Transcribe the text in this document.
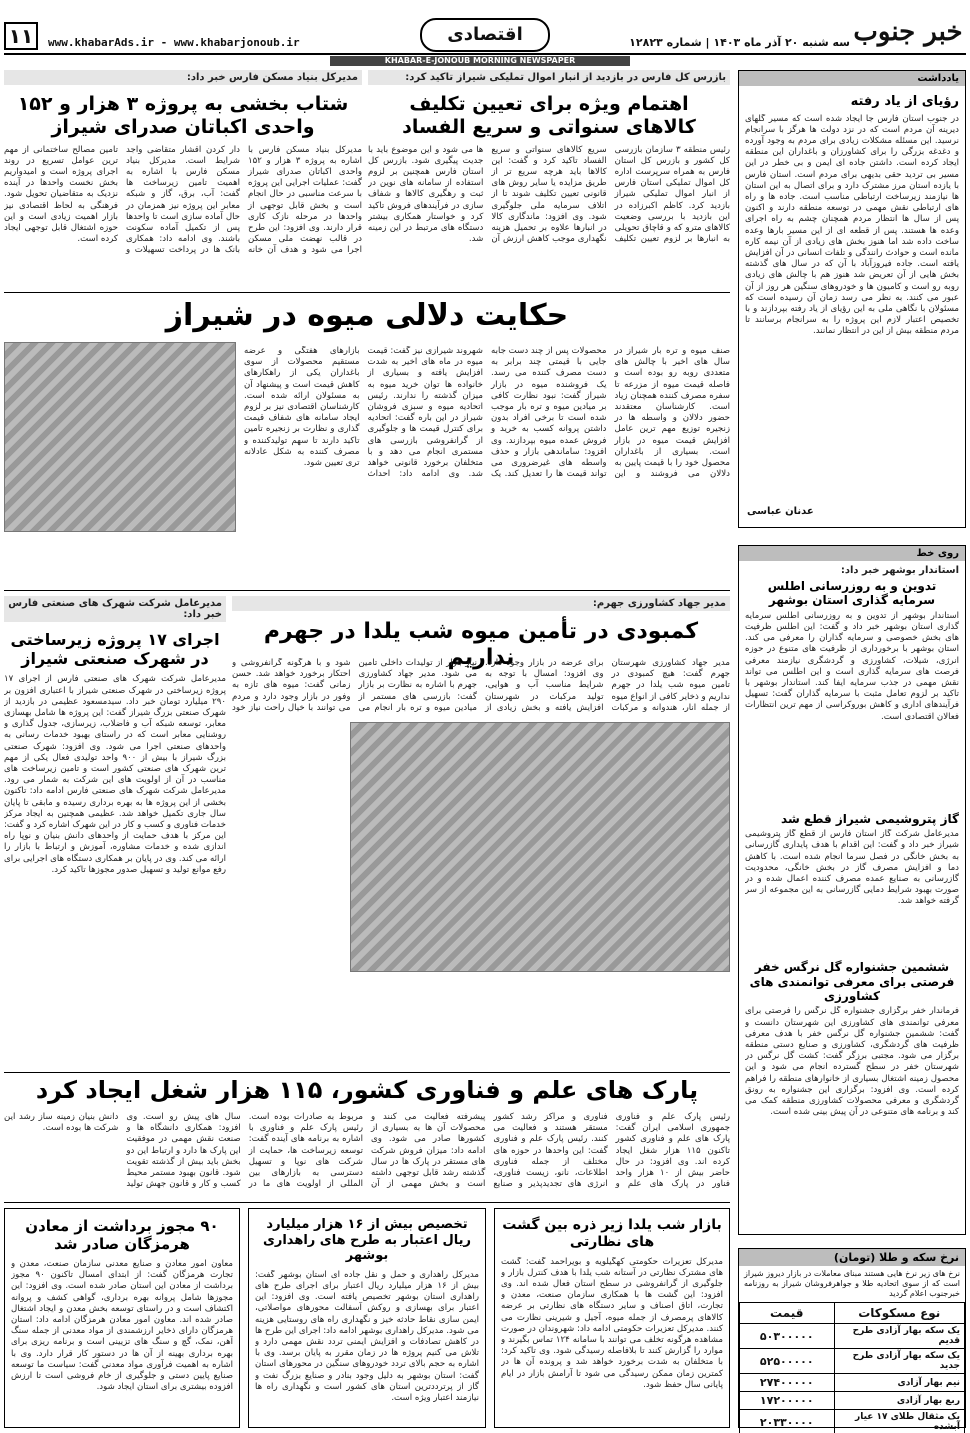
۱۱	www.khabarAds.ir - www.khabarjonoub.ir	اقتصادی	سه شنبه ۲۰ آذر ماه ۱۴۰۳ | شماره ۱۲۸۲۳ خبر جنوب
KHABAR-E-JONOUB MORNING NEWSPAPER
یادداشت
رؤیای از یاد رفته
در جنوب استان فارس جا ایجاد شده است که مسیر گلهای دیرینه آن مردم است که در نزد دولت ها هرگز با سرانجام نرسید. این مسئله مشکلات زیادی برای مردم به وجود آورده و دغدغه بزرگی را برای کشاورزان و باغداران این منطقه ایجاد کرده است. داشتن جاده ای ایمن و بی خطر در این مسیر بی تردید حقی بدیهی برای مردم است. استان فارس با یازده استان مرز مشترک دارد و برای اتصال به این استان ها نیازمند زیرساخت ارتباطی مناسب است. جاده ها و راه های ارتباطی نقش مهمی در توسعه منطقه دارند و اکنون پس از سال ها انتظار مردم همچنان چشم به راه اجرای وعده ها هستند. پس از قطعه ای از این مسیر بارها وعده ساخت داده شد اما هنوز بخش های زیادی از آن نیمه کاره مانده است و حوادث رانندگی و تلفات انسانی در آن افزایش یافته است. جاده فیروزآباد با آن که در سال های گذشته بخش هایی از آن تعریض شد هنوز هم با چالش های زیادی روبه رو است و کامیون ها و خودروهای سنگین هر روز از آن عبور می کنند. به نظر می رسد زمان آن رسیده است که مسئولان با نگاهی ملی به این رؤیای از یاد رفته بپردازند و با تخصیص اعتبار لازم این پروژه را به سرانجام برسانند تا مردم منطقه بیش از این در انتظار نمانند.
عدنان عباسی
روی خط
استاندار بوشهر خبر داد:
تدوین و به روزرسانی اطلس سرمایه گذاری استان بوشهر
استاندار بوشهر از تدوین و به روزرسانی اطلس سرمایه گذاری استان بوشهر خبر داد و گفت: این اطلس ظرفیت های بخش خصوصی و سرمایه گذاران را معرفی می کند. استان بوشهر با برخورداری از ظرفیت های متنوع در حوزه انرژی، شیلات، کشاورزی و گردشگری نیازمند معرفی فرصت های سرمایه گذاری است و این اطلس می تواند نقش مهمی در جذب سرمایه ایفا کند. استاندار بوشهر با تاکید بر لزوم تعامل مثبت با سرمایه گذاران گفت: تسهیل فرآیندهای اداری و کاهش بوروکراسی از مهم ترین انتظارات فعالان اقتصادی است.
گاز پتروشیمی شیراز قطع شد
مدیرعامل شرکت گاز استان فارس از قطع گاز پتروشیمی شیراز خبر داد و گفت: این اقدام با هدف پایداری گازرسانی به بخش خانگی در فصل سرما انجام شده است. با کاهش دما و افزایش مصرف گاز در بخش خانگی، محدودیت گازرسانی به صنایع عمده مصرف کننده اعمال شده و در صورت بهبود شرایط دمایی گازرسانی به این مجموعه از سر گرفته خواهد شد.
ششمین جشنواره گل نرگس خفر فرصتی برای معرفی توانمندی های کشاورزی
فرماندار خفر برگزاری جشنواره گل نرگس را فرصتی برای معرفی توانمندی های کشاورزی این شهرستان دانست و گفت: ششمین جشنواره گل نرگس خفر با هدف معرفی ظرفیت های گردشگری، کشاورزی و صنایع دستی منطقه برگزار می شود. مجتبی برزگر گفت: کشت گل نرگس در شهرستان خفر در سطح گسترده انجام می شود و این محصول زمینه اشتغال بسیاری از خانوارهای منطقه را فراهم کرده است. وی افزود: برگزاری این جشنواره به رونق گردشگری و معرفی محصولات کشاورزی منطقه کمک می کند و برنامه های متنوعی در آن پیش بینی شده است.
نرخ سکه و طلا (تومان)
نرخ های زیر نرخ هایی هستند مبنای معاملات در بازار دیروز شیراز است که از سوی اتحادیه طلا و جواهرفروشان شیراز به روزنامه خبرجنوب اعلام گردید
نوع مسکوکات	قیمت
یک سکه بهار آزادی طرح قدیم	۵۰۳۰۰۰۰۰
یک سکه بهار آزادی طرح جدید	۵۲۵۰۰۰۰۰
نیم بهار آزادی	۲۷۴۰۰۰۰۰
ربع بهار آزادی	۱۷۲۰۰۰۰۰
یک مثقال طلای ۱۷ عیار آبشده	۲۰۳۳۰۰۰۰

بازرس کل فارس در بازدید از انبار اموال تملیکی شیراز تاکید کرد:
اهتمام ویژه برای تعیین تکلیف کالاهای سنواتی و سریع الفساد
رئیس منطقه ۳ سازمان بازرسی کل کشور و بازرس کل استان فارس به همراه سرپرست اداره کل اموال تملیکی استان فارس از انبار اموال تملیکی شیراز بازدید کرد. کاظم اکبرزاده در این بازدید با بررسی وضعیت کالاهای مترو که و قاچاق تحویلی به انبارها بر لزوم تعیین تکلیف سریع کالاهای سنواتی و سریع الفساد تاکید کرد و گفت: این کالاها باید هرچه سریع تر از طریق مزایده یا سایر روش های قانونی تعیین تکلیف شوند تا از اتلاف سرمایه ملی جلوگیری شود. وی افزود: ماندگاری کالا در انبارها علاوه بر تحمیل هزینه نگهداری موجب کاهش ارزش آن ها می شود و این موضوع باید با جدیت پیگیری شود. بازرس کل استان فارس همچنین بر لزوم استفاده از سامانه های نوین در ثبت و رهگیری کالاها و شفاف سازی در فرآیندهای فروش تاکید کرد و خواستار همکاری بیشتر دستگاه های مرتبط در این زمینه شد.
مدیرکل بنیاد مسکن فارس خبر داد:
شتاب بخشی به پروژه ۳ هزار و ۱۵۲ واحدی اکباتان صدرای شیراز
مدیرکل بنیاد مسکن فارس با اشاره به پروژه ۳ هزار و ۱۵۲ واحدی اکباتان صدرای شیراز گفت: عملیات اجرایی این پروژه با سرعت مناسبی در حال انجام است و بخش قابل توجهی از واحدها در مرحله نازک کاری قرار دارند. وی افزود: این طرح در قالب نهضت ملی مسکن اجرا می شود و هدف آن خانه دار کردن اقشار متقاضی واجد شرایط است. مدیرکل بنیاد مسکن فارس با اشاره به اهمیت تامین زیرساخت ها گفت: آب، برق، گاز و شبکه معابر این پروژه نیز همزمان در حال آماده سازی است تا واحدها پس از تکمیل آماده سکونت باشند. وی ادامه داد: همکاری بانک ها در پرداخت تسهیلات و تامین مصالح ساختمانی از مهم ترین عوامل تسریع در روند اجرای پروژه است و امیدواریم بخش نخست واحدها در آینده نزدیک به متقاضیان تحویل شود. فرهنگی به لحاظ اقتصادی نیز بازار اهمیت زیادی است و این حوزه اشتغال قابل توجهی ایجاد کرده است.
حکایت دلالی میوه در شیراز
صنف میوه و تره بار شیراز در سال های اخیر با چالش های متعددی روبه رو بوده است و فاصله قیمت میوه از مزرعه تا سفره مصرف کننده همچنان زیاد است. کارشناسان معتقدند حضور دلالان و واسطه ها در زنجیره توزیع مهم ترین عامل افزایش قیمت میوه در بازار است. بسیاری از باغداران محصول خود را با قیمت پایین به دلالان می فروشند و این محصولات پس از چند دست جابه جایی با قیمتی چند برابر به دست مصرف کننده می رسد. یک فروشنده میوه در بازار شیراز گفت: نبود نظارت کافی بر میادین میوه و تره بار موجب شده است تا برخی افراد بدون داشتن پروانه کسب به خرید و فروش عمده میوه بپردازند. وی افزود: ساماندهی بازار و حذف واسطه های غیرضروری می تواند قیمت ها را تعدیل کند. یک شهروند شیرازی نیز گفت: قیمت میوه در ماه های اخیر به شدت افزایش یافته و بسیاری از خانواده ها توان خرید میوه به میزان گذشته را ندارند. رئیس اتحادیه میوه و سبزی فروشان شیراز در این باره گفت: اتحادیه برای کنترل قیمت ها و جلوگیری از گرانفروشی بازرسی های مستمری انجام می دهد و با متخلفان برخورد قانونی خواهد شد. وی ادامه داد: احداث بازارهای هفتگی و عرضه مستقیم محصولات از سوی باغداران یکی از راهکارهای کاهش قیمت است و پیشنهاد آن به مسئولان ارائه شده است. کارشناسان اقتصادی نیز بر لزوم ایجاد سامانه های شفاف قیمت گذاری و نظارت بر زنجیره تامین تاکید دارند تا سهم تولیدکننده و مصرف کننده به شکل عادلانه تری تعیین شود.
مدیرعامل شرکت شهرک های صنعتی فارس خبر داد:
اجرای ۱۷ پروژه زیرساختی در شهرک صنعتی شیراز
مدیرعامل شرکت شهرک های صنعتی فارس از اجرای ۱۷ پروژه زیرساختی در شهرک صنعتی شیراز با اعتباری افزون بر ۲۹۰ میلیارد تومان خبر داد. سیدمسعود عظیمی در بازدید از شهرک صنعتی بزرگ شیراز گفت: این پروژه ها شامل بهسازی معابر، توسعه شبکه آب و فاضلاب، زیرسازی، جدول گذاری و روشنایی معابر است که در راستای بهبود خدمات رسانی به واحدهای صنعتی اجرا می شود. وی افزود: شهرک صنعتی بزرگ شیراز با بیش از ۹۰۰ واحد تولیدی فعال یکی از مهم ترین شهرک های صنعتی کشور است و تامین زیرساخت های مناسب در آن از اولویت های این شرکت به شمار می رود. مدیرعامل شرکت شهرک های صنعتی فارس ادامه داد: تاکنون بخشی از این پروژه ها به بهره برداری رسیده و مابقی تا پایان سال جاری تکمیل خواهد شد. عظیمی همچنین به ایجاد مرکز خدمات فناوری و کسب و کار در این شهرک اشاره کرد و گفت: این مرکز با هدف حمایت از واحدهای دانش بنیان و نوپا راه اندازی شده و خدمات مشاوره، آموزش و ارتباط با بازار را ارائه می کند. وی در پایان بر همکاری دستگاه های اجرایی برای رفع موانع تولید و تسهیل صدور مجوزها تاکید کرد.
مدیر جهاد کشاورزی جهرم:
کمبودی در تأمین میوه شب یلدا در جهرم نداریم	مدیر جهاد کشاورزی شهرستان جهرم گفت: هیچ کمبودی در تامین میوه شب یلدا در جهرم نداریم و ذخایر کافی از انواع میوه از جمله انار، هندوانه و مرکبات برای عرضه در بازار وجود دارد. وی افزود: امسال با توجه به شرایط مناسب آب و هوایی، تولید مرکبات در شهرستان افزایش یافته و بخش زیادی از نیاز بازار از تولیدات داخلی تامین می شود. مدیر جهاد کشاورزی جهرم با اشاره به نظارت بر بازار گفت: بازرسی های مستمر از میادین میوه و تره بار انجام می شود و با هرگونه گرانفروشی و احتکار برخورد خواهد شد. حسن زمانی گفت: میوه های تازه به وفور در بازار وجود دارد و مردم می توانند با خیال راحت نیاز خود
پارک های علم و فناوری کشور، ۱۱۵ هزار شغل ایجاد کرد
رئیس پارک علم و فناوری جمهوری اسلامی ایران گفت: پارک های علم و فناوری کشور تاکنون ۱۱۵ هزار شغل ایجاد کرده اند. وی افزود: در حال حاضر بیش از ۱۰ هزار واحد فناور در پارک های علم و فناوری و مراکز رشد کشور مستقر هستند و فعالیت می کنند. رئیس پارک علم و فناوری گفت: این واحدها در حوزه های مختلف از جمله فناوری اطلاعات، نانو، زیست فناوری، انرژی های تجدیدپذیر و صنایع پیشرفته فعالیت می کنند و محصولات آن ها به بسیاری از کشورها صادر می شود. وی ادامه داد: میزان فروش شرکت های مستقر در پارک ها در سال گذشته رشد قابل توجهی داشته است و بخش مهمی از آن مربوط به صادرات بوده است. رئیس پارک علم و فناوری با اشاره به برنامه های آینده گفت: توسعه زیرساخت ها، حمایت از شرکت های نوپا و تسهیل دسترسی به بازارهای بین المللی از اولویت های ما در سال های پیش رو است. وی افزود: همکاری دانشگاه ها و صنعت نقش مهمی در موفقیت این پارک ها دارد و ارتباط این دو بخش باید بیش از گذشته تقویت شود. قانون بهبود مستمر محیط کسب و کار و قانون جهش تولید دانش بنیان زمینه ساز رشد این شرکت ها بوده است.
بازار شب یلدا زیر ذره بین گشت های نظارتی
مدیرکل تعزیرات حکومتی کهگیلویه و بویراحمد گفت: گشت های مشترک نظارتی در آستانه شب یلدا با هدف کنترل بازار و جلوگیری از گرانفروشی در سطح استان فعال شده اند. وی افزود: این گشت ها با همکاری سازمان صنعت، معدن و تجارت، اتاق اصناف و سایر دستگاه های نظارتی بر عرضه کالاهای پرمصرف از جمله میوه، آجیل و شیرینی نظارت می کنند. مدیرکل تعزیرات حکومتی ادامه داد: شهروندان در صورت مشاهده هرگونه تخلف می توانند با سامانه ۱۲۴ تماس بگیرند و موارد را گزارش کنند تا بلافاصله رسیدگی شود. وی تاکید کرد: با متخلفان به شدت برخورد خواهد شد و پرونده آن ها در کمترین زمان ممکن رسیدگی می شود تا آرامش بازار در ایام پایانی سال حفظ شود.
تخصیص بیش از ۱۶ هزار میلیارد ریال اعتبار به طرح های راهداری بوشهر
مدیرکل راهداری و حمل و نقل جاده ای استان بوشهر گفت: بیش از ۱۶ هزار میلیارد ریال اعتبار برای اجرای طرح های راهداری استان بوشهر تخصیص یافته است. وی افزود: این اعتبار برای بهسازی و روکش آسفالت محورهای مواصلاتی، ایمن سازی نقاط حادثه خیز و نگهداری راه های روستایی هزینه می شود. مدیرکل راهداری بوشهر ادامه داد: اجرای این طرح ها در کاهش تصادفات و افزایش ایمنی تردد نقش مهمی دارد و تلاش می کنیم پروژه ها در زمان مقرر به پایان برسد. وی با اشاره به حجم بالای تردد خودروهای سنگین در محورهای استان گفت: استان بوشهر به دلیل وجود بنادر و صنایع بزرگ نفت و گاز از پرترددترین استان های کشور است و نگهداری راه ها نیازمند اعتبار ویژه است.
۹۰ مجوز برداشت از معادن هرمزگان صادر شد
معاون امور معادن و صنایع معدنی سازمان صنعت، معدن و تجارت هرمزگان گفت: از ابتدای امسال تاکنون ۹۰ مجوز برداشت از معادن این استان صادر شده است. وی افزود: این مجوزها شامل پروانه بهره برداری، گواهی کشف و پروانه اکتشاف است و در راستای توسعه بخش معدن و ایجاد اشتغال صادر شده اند. معاون امور معادن هرمزگان ادامه داد: استان هرمزگان دارای ذخایر ارزشمندی از مواد معدنی از جمله سنگ آهن، نمک، گچ و سنگ های تزیینی است و برنامه ریزی برای بهره برداری بهینه از آن ها در دستور کار قرار دارد. وی با اشاره به اهمیت فرآوری مواد معدنی گفت: سیاست ما توسعه صنایع پایین دستی و جلوگیری از خام فروشی است تا ارزش افزوده بیشتری برای استان ایجاد شود.
